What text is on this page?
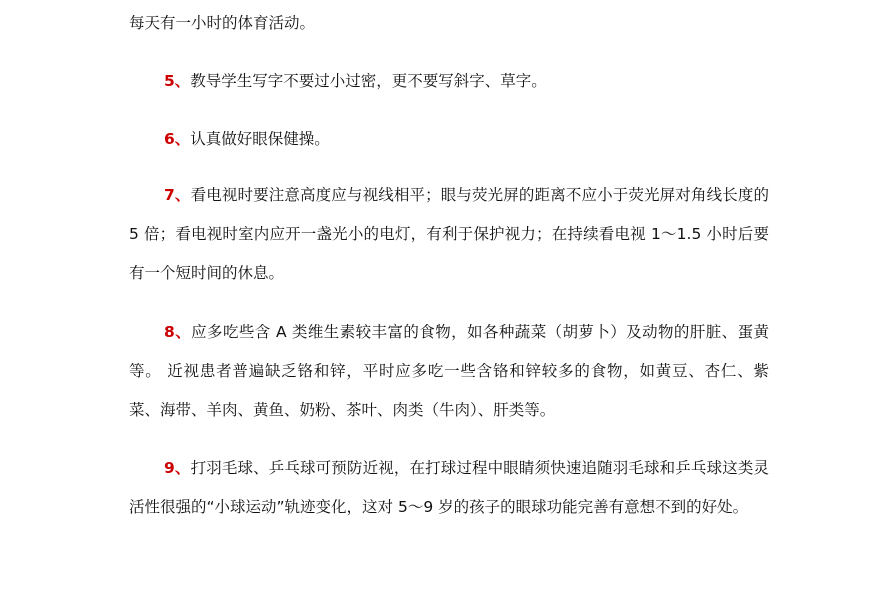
每天有一小时的体育活动。

5、教导学生写字不要过小过密，更不要写斜字、草字。

6、认真做好眼保健操。

7、看电视时要注意高度应与视线相平；眼与荧光屏的距离不应小于荧光屏对角线长度的 5 倍；看电视时室内应开一盏光小的电灯，有利于保护视力；在持续看电视 1～1.5 小时后要有一个短时间的休息。

8、应多吃些含 A 类维生素较丰富的食物，如各种蔬菜（胡萝卜）及动物的肝脏、蛋黄等。 近视患者普遍缺乏铬和锌，平时应多吃一些含铬和锌较多的食物，如黄豆、杏仁、紫菜、海带、羊肉、黄鱼、奶粉、茶叶、肉类（牛肉）、肝类等。

9、打羽毛球、乒乓球可预防近视，在打球过程中眼睛须快速追随羽毛球和乒乓球这类灵活性很强的“小球运动”轨迹变化，这对 5～9 岁的孩子的眼球功能完善有意想不到的好处。
